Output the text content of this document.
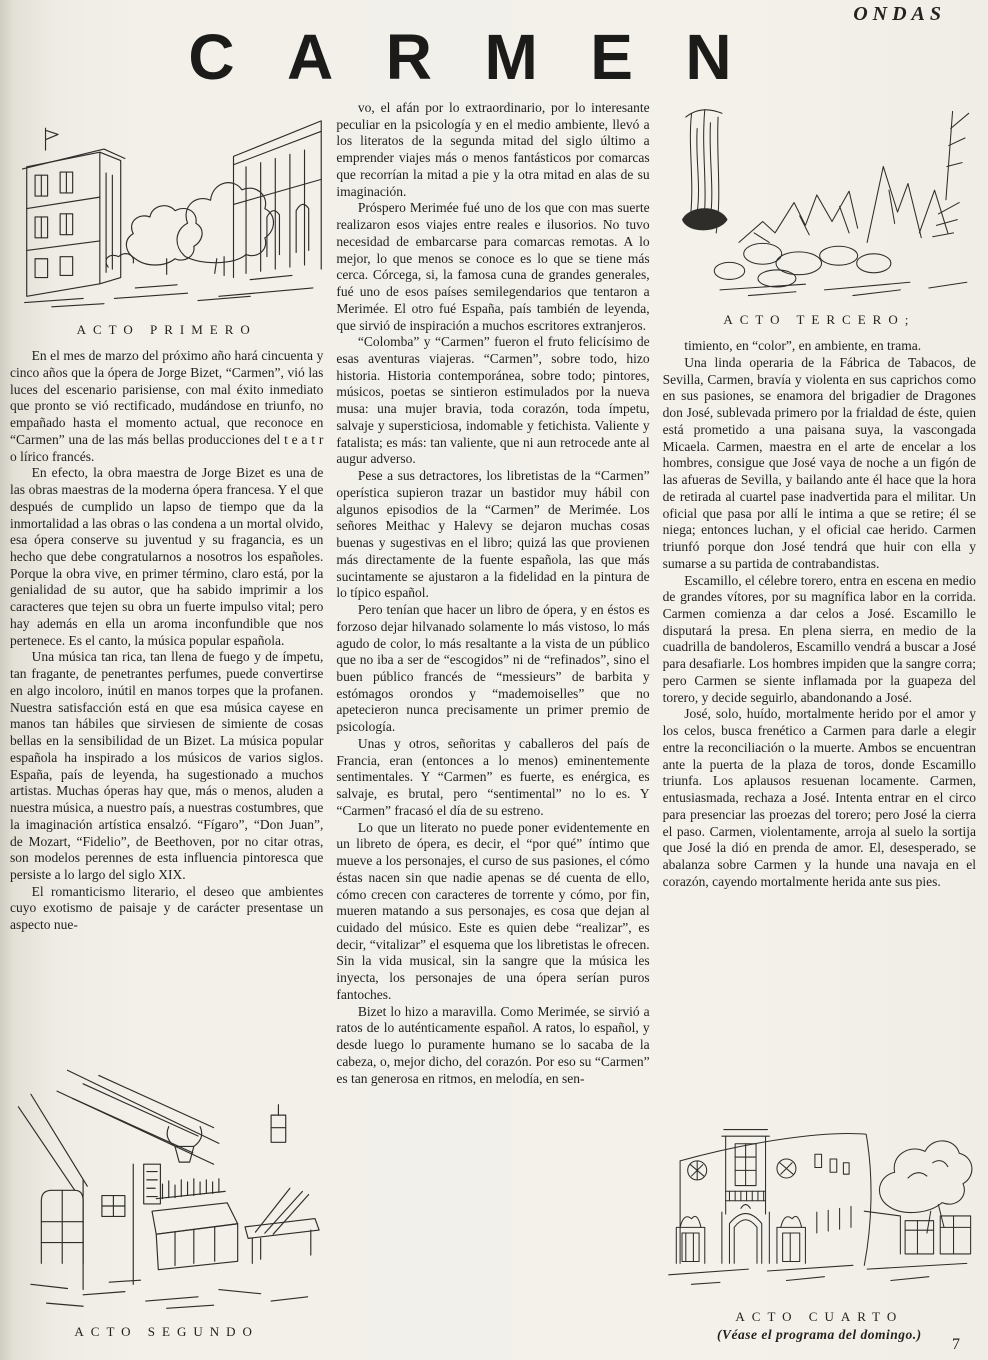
ONDAS
CARMEN
ACTO PRIMERO

En el mes de marzo del próximo año hará cincuenta y cinco años que la ópera de Jorge Bizet, “Carmen”, vió las luces del escenario parisiense, con mal éxito inmediato que pronto se vió rectificado, mudándose en triunfo, no empañado hasta el momento actual, que reconoce en “Carmen” una de las más bellas producciones del t e a t r o lírico francés.

En efecto, la obra maestra de Jorge Bizet es una de las obras maestras de la moderna ópera francesa. Y el que después de cumplido un lapso de tiempo que da la inmortalidad a las obras o las condena a un mortal olvido, esa ópera conserve su juventud y su fragancia, es un hecho que debe congratularnos a nosotros los españoles. Porque la obra vive, en primer término, claro está, por la genialidad de su autor, que ha sabido imprimir a los caracteres que tejen su obra un fuerte impulso vital; pero hay además en ella un aroma inconfundible que nos pertenece. Es el canto, la música popular española.

Una música tan rica, tan llena de fuego y de ímpetu, tan fragante, de penetrantes perfumes, puede convertirse en algo incoloro, inútil en manos torpes que la profanen. Nuestra satisfacción está en que esa música cayese en manos tan hábiles que sirviesen de simiente de cosas bellas en la sensibilidad de un Bizet. La música popular española ha inspirado a los músicos de varios siglos. España, país de leyenda, ha sugestionado a muchos artistas. Muchas óperas hay que, más o menos, aluden a nuestra música, a nuestro país, a nuestras costumbres, que la imaginación artística ensalzó. “Fígaro”, “Don Juan”, de Mozart, “Fidelio”, de Beethoven, por no citar otras, son modelos perennes de esta influencia pintoresca que persiste a lo largo del siglo XIX.

El romanticismo literario, el deseo que ambientes cuyo exotismo de paisaje y de carácter presentase un aspecto nue-

ACTO SEGUNDO

vo, el afán por lo extraordinario, por lo interesante peculiar en la psicología y en el medio ambiente, llevó a los literatos de la segunda mitad del siglo último a emprender viajes más o menos fantásticos por comarcas que recorrían la mitad a pie y la otra mitad en alas de su imaginación.

Próspero Merimée fué uno de los que con mas suerte realizaron esos viajes entre reales e ilusorios. No tuvo necesidad de embarcarse para comarcas remotas. A lo mejor, lo que menos se conoce es lo que se tiene más cerca. Córcega, si, la famosa cuna de grandes generales, fué uno de esos países semilegendarios que tentaron a Merimée. El otro fué España, país también de leyenda, que sirvió de inspiración a muchos escritores extranjeros.

“Colomba” y “Carmen” fueron el fruto felicísimo de esas aventuras viajeras. “Carmen”, sobre todo, hizo historia. Historia contemporánea, sobre todo; pintores, músicos, poetas se sintieron estimulados por la nueva musa: una mujer bravia, toda corazón, toda ímpetu, salvaje y supersticiosa, indomable y fetichista. Valiente y fatalista; es más: tan valiente, que ni aun retrocede ante al augur adverso.

Pese a sus detractores, los libretistas de la “Carmen” operística supieron trazar un bastidor muy hábil con algunos episodios de la “Carmen” de Merimée. Los señores Meithac y Halevy se dejaron muchas cosas buenas y sugestivas en el libro; quizá las que provienen más directamente de la fuente española, las que más sucintamente se ajustaron a la fidelidad en la pintura de lo típico español.

Pero tenían que hacer un libro de ópera, y en éstos es forzoso dejar hilvanado solamente lo más vistoso, lo más agudo de color, lo más resaltante a la vista de un público que no iba a ser de “escogidos” ni de “refinados”, sino el buen público francés de “messieurs” de barbita y estómagos orondos y “mademoiselles” que no apetecieron nunca precisamente un primer premio de psicología.

Unas y otros, señoritas y caballeros del país de Francia, eran (entonces a lo menos) eminentemente sentimentales. Y “Carmen” es fuerte, es enérgica, es salvaje, es brutal, pero “sentimental” no lo es. Y “Carmen” fracasó el día de su estreno.

Lo que un literato no puede poner evidentemente en un libreto de ópera, es decir, el “por qué” íntimo que mueve a los personajes, el curso de sus pasiones, el cómo éstas nacen sin que nadie apenas se dé cuenta de ello, cómo crecen con caracteres de torrente y cómo, por fin, mueren matando a sus personajes, es cosa que dejan al cuidado del músico. Este es quien debe “realizar”, es decir, “vitalizar” el esquema que los libretistas le ofrecen. Sin la vida musical, sin la sangre que la música les inyecta, los personajes de una ópera serían puros fantoches.

Bizet lo hizo a maravilla. Como Merimée, se sirvió a ratos de lo auténticamente español. A ratos, lo español, y desde luego lo puramente humano se lo sacaba de la cabeza, o, mejor dicho, del corazón. Por eso su “Carmen” es tan generosa en ritmos, en melodía, en sen-

ACTO TERCERO;

timiento, en “color”, en ambiente, en trama.

Una linda operaria de la Fábrica de Tabacos, de Sevilla, Carmen, bravía y violenta en sus caprichos como en sus pasiones, se enamora del brigadier de Dragones don José, sublevada primero por la frialdad de éste, quien está prometido a una paisana suya, la vascongada Micaela. Carmen, maestra en el arte de encelar a los hombres, consigue que José vaya de noche a un figón de las afueras de Sevilla, y bailando ante él hace que la hora de retirada al cuartel pase inadvertida para el militar. Un oficial que pasa por allí le intima a que se retire; él se niega; entonces luchan, y el oficial cae herido. Carmen triunfó porque don José tendrá que huir con ella y sumarse a su partida de contrabandistas.

Escamillo, el célebre torero, entra en escena en medio de grandes vítores, por su magnífica labor en la corrida. Carmen comienza a dar celos a José. Escamillo le disputará la presa. En plena sierra, en medio de la cuadrilla de bandoleros, Escamillo vendrá a buscar a José para desafiarle. Los hombres impiden que la sangre corra; pero Carmen se siente inflamada por la guapeza del torero, y decide seguirlo, abandonando a José.

José, solo, huído, mortalmente herido por el amor y los celos, busca frenético a Carmen para darle a elegir entre la reconciliación o la muerte. Ambos se encuentran ante la puerta de la plaza de toros, donde Escamillo triunfa. Los aplausos resuenan locamente. Carmen, entusiasmada, rechaza a José. Intenta entrar en el circo para presenciar las proezas del torero; pero José la cierra el paso. Carmen, violentamente, arroja al suelo la sortija que José la dió en prenda de amor. El, desesperado, se abalanza sobre Carmen y la hunde una navaja en el corazón, cayendo mortalmente herida ante sus pies.

ACTO CUARTO
(Véase el programa del domingo.)
7
